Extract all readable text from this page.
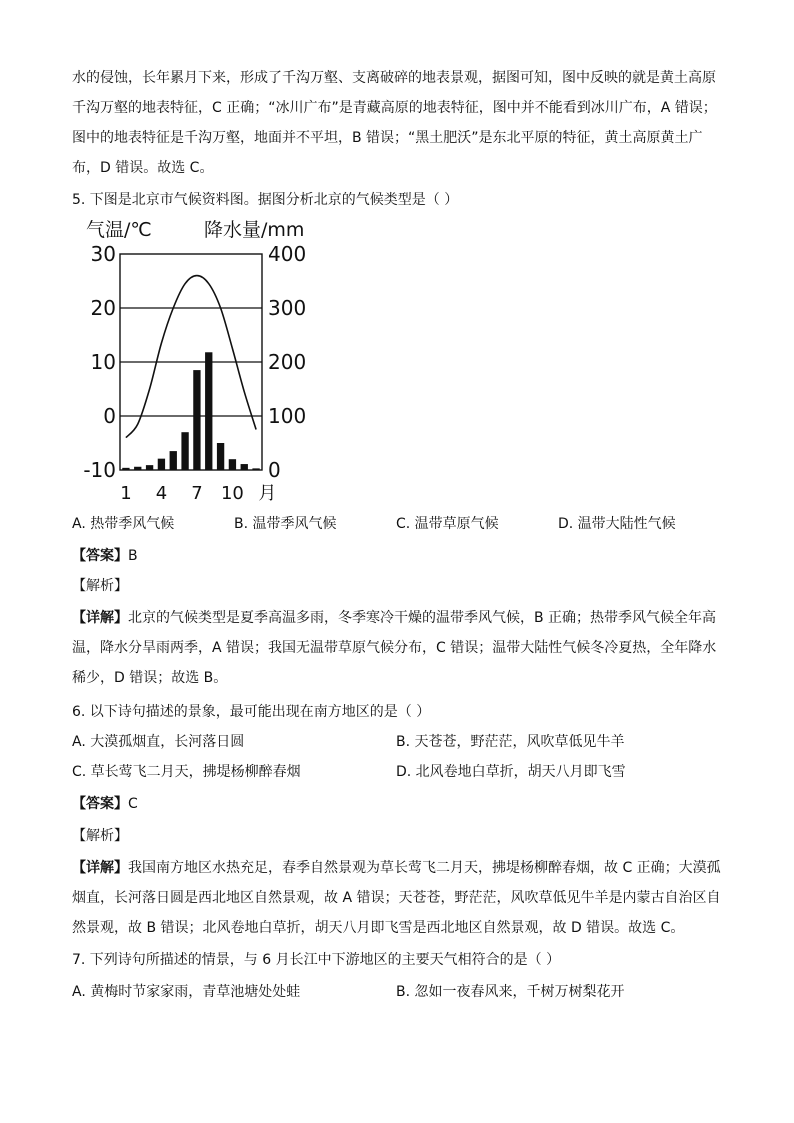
水的侵蚀，长年累月下来，形成了千沟万壑、支离破碎的地表景观，据图可知，图中反映的就是黄土高原
千沟万壑的地表特征，C 正确；“冰川广布”是青藏高原的地表特征，图中并不能看到冰川广布，A 错误；
图中的地表特征是千沟万壑，地面并不平坦，B 错误；“黑土肥沃”是东北平原的特征，黄土高原黄土广
布，D 错误。故选 C。
5. 下图是北京市气候资料图。据图分析北京的气候类型是（ ）
气温/℃	降水量/mm
30
20
10
0
-10
400
300
200
100
0
1 4 7 10 月
A. 热带季风气候	B. 温带季风气候	C. 温带草原气候	D. 温带大陆性气候
【答案】B
【解析】
【详解】北京的气候类型是夏季高温多雨，冬季寒冷干燥的温带季风气候，B 正确；热带季风气候全年高
温，降水分旱雨两季，A 错误；我国无温带草原气候分布，C 错误；温带大陆性气候冬冷夏热，全年降水
稀少，D 错误；故选 B。
6. 以下诗句描述的景象，最可能出现在南方地区的是（ ）
A. 大漠孤烟直，长河落日圆	B. 天苍苍，野茫茫，风吹草低见牛羊
C. 草长莺飞二月天，拂堤杨柳醉春烟	D. 北风卷地白草折，胡天八月即飞雪
【答案】C
【解析】
【详解】我国南方地区水热充足，春季自然景观为草长莺飞二月天，拂堤杨柳醉春烟，故 C 正确；大漠孤
烟直，长河落日圆是西北地区自然景观，故 A 错误；天苍苍，野茫茫，风吹草低见牛羊是内蒙古自治区自
然景观，故 B 错误；北风卷地白草折，胡天八月即飞雪是西北地区自然景观，故 D 错误。故选 C。
7. 下列诗句所描述的情景，与 6 月长江中下游地区的主要天气相符合的是（ ）
A. 黄梅时节家家雨，青草池塘处处蛙	B. 忽如一夜春风来，千树万树梨花开
